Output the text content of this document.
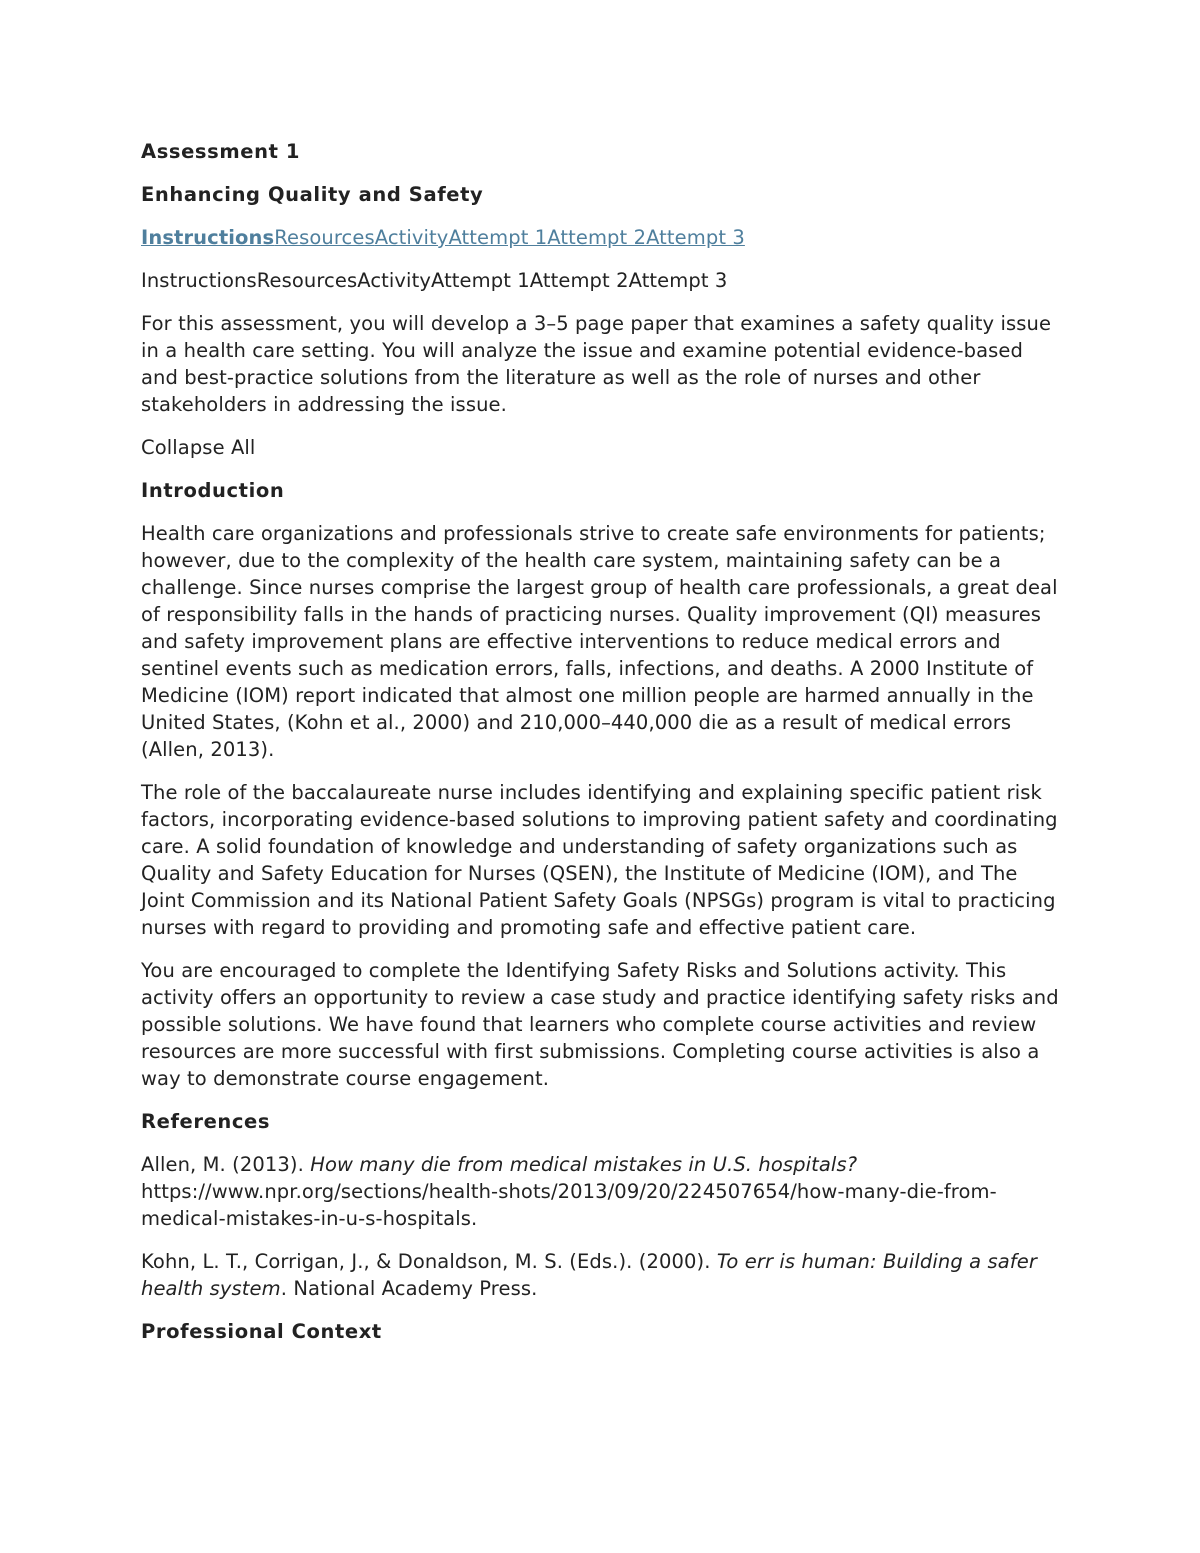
Assessment 1
Enhancing Quality and Safety

InstructionsResourcesActivityAttempt 1Attempt 2Attempt 3

InstructionsResourcesActivityAttempt 1Attempt 2Attempt 3

For this assessment, you will develop a 3–5 page paper that examines a safety quality issue in a health care setting. You will analyze the issue and examine potential evidence-based and best-practice solutions from the literature as well as the role of nurses and other stakeholders in addressing the issue.

Collapse All

Introduction

Health care organizations and professionals strive to create safe environments for patients; however, due to the complexity of the health care system, maintaining safety can be a challenge. Since nurses comprise the largest group of health care professionals, a great deal of responsibility falls in the hands of practicing nurses. Quality improvement (QI) measures and safety improvement plans are effective interventions to reduce medical errors and sentinel events such as medication errors, falls, infections, and deaths. A 2000 Institute of Medicine (IOM) report indicated that almost one million people are harmed annually in the United States, (Kohn et al., 2000) and 210,000–440,000 die as a result of medical errors (Allen, 2013).

The role of the baccalaureate nurse includes identifying and explaining specific patient risk factors, incorporating evidence-based solutions to improving patient safety and coordinating care. A solid foundation of knowledge and understanding of safety organizations such as Quality and Safety Education for Nurses (QSEN), the Institute of Medicine (IOM), and The Joint Commission and its National Patient Safety Goals (NPSGs) program is vital to practicing nurses with regard to providing and promoting safe and effective patient care.

You are encouraged to complete the Identifying Safety Risks and Solutions activity. This activity offers an opportunity to review a case study and practice identifying safety risks and possible solutions. We have found that learners who complete course activities and review resources are more successful with first submissions. Completing course activities is also a way to demonstrate course engagement.

References

Allen, M. (2013). How many die from medical mistakes in U.S. hospitals? https://www.npr.org/sections/health-shots/2013/09/20/224507654/how-many-die-from-medical-mistakes-in-u-s-hospitals.

Kohn, L. T., Corrigan, J., & Donaldson, M. S. (Eds.). (2000). To err is human: Building a safer health system. National Academy Press.

Professional Context
